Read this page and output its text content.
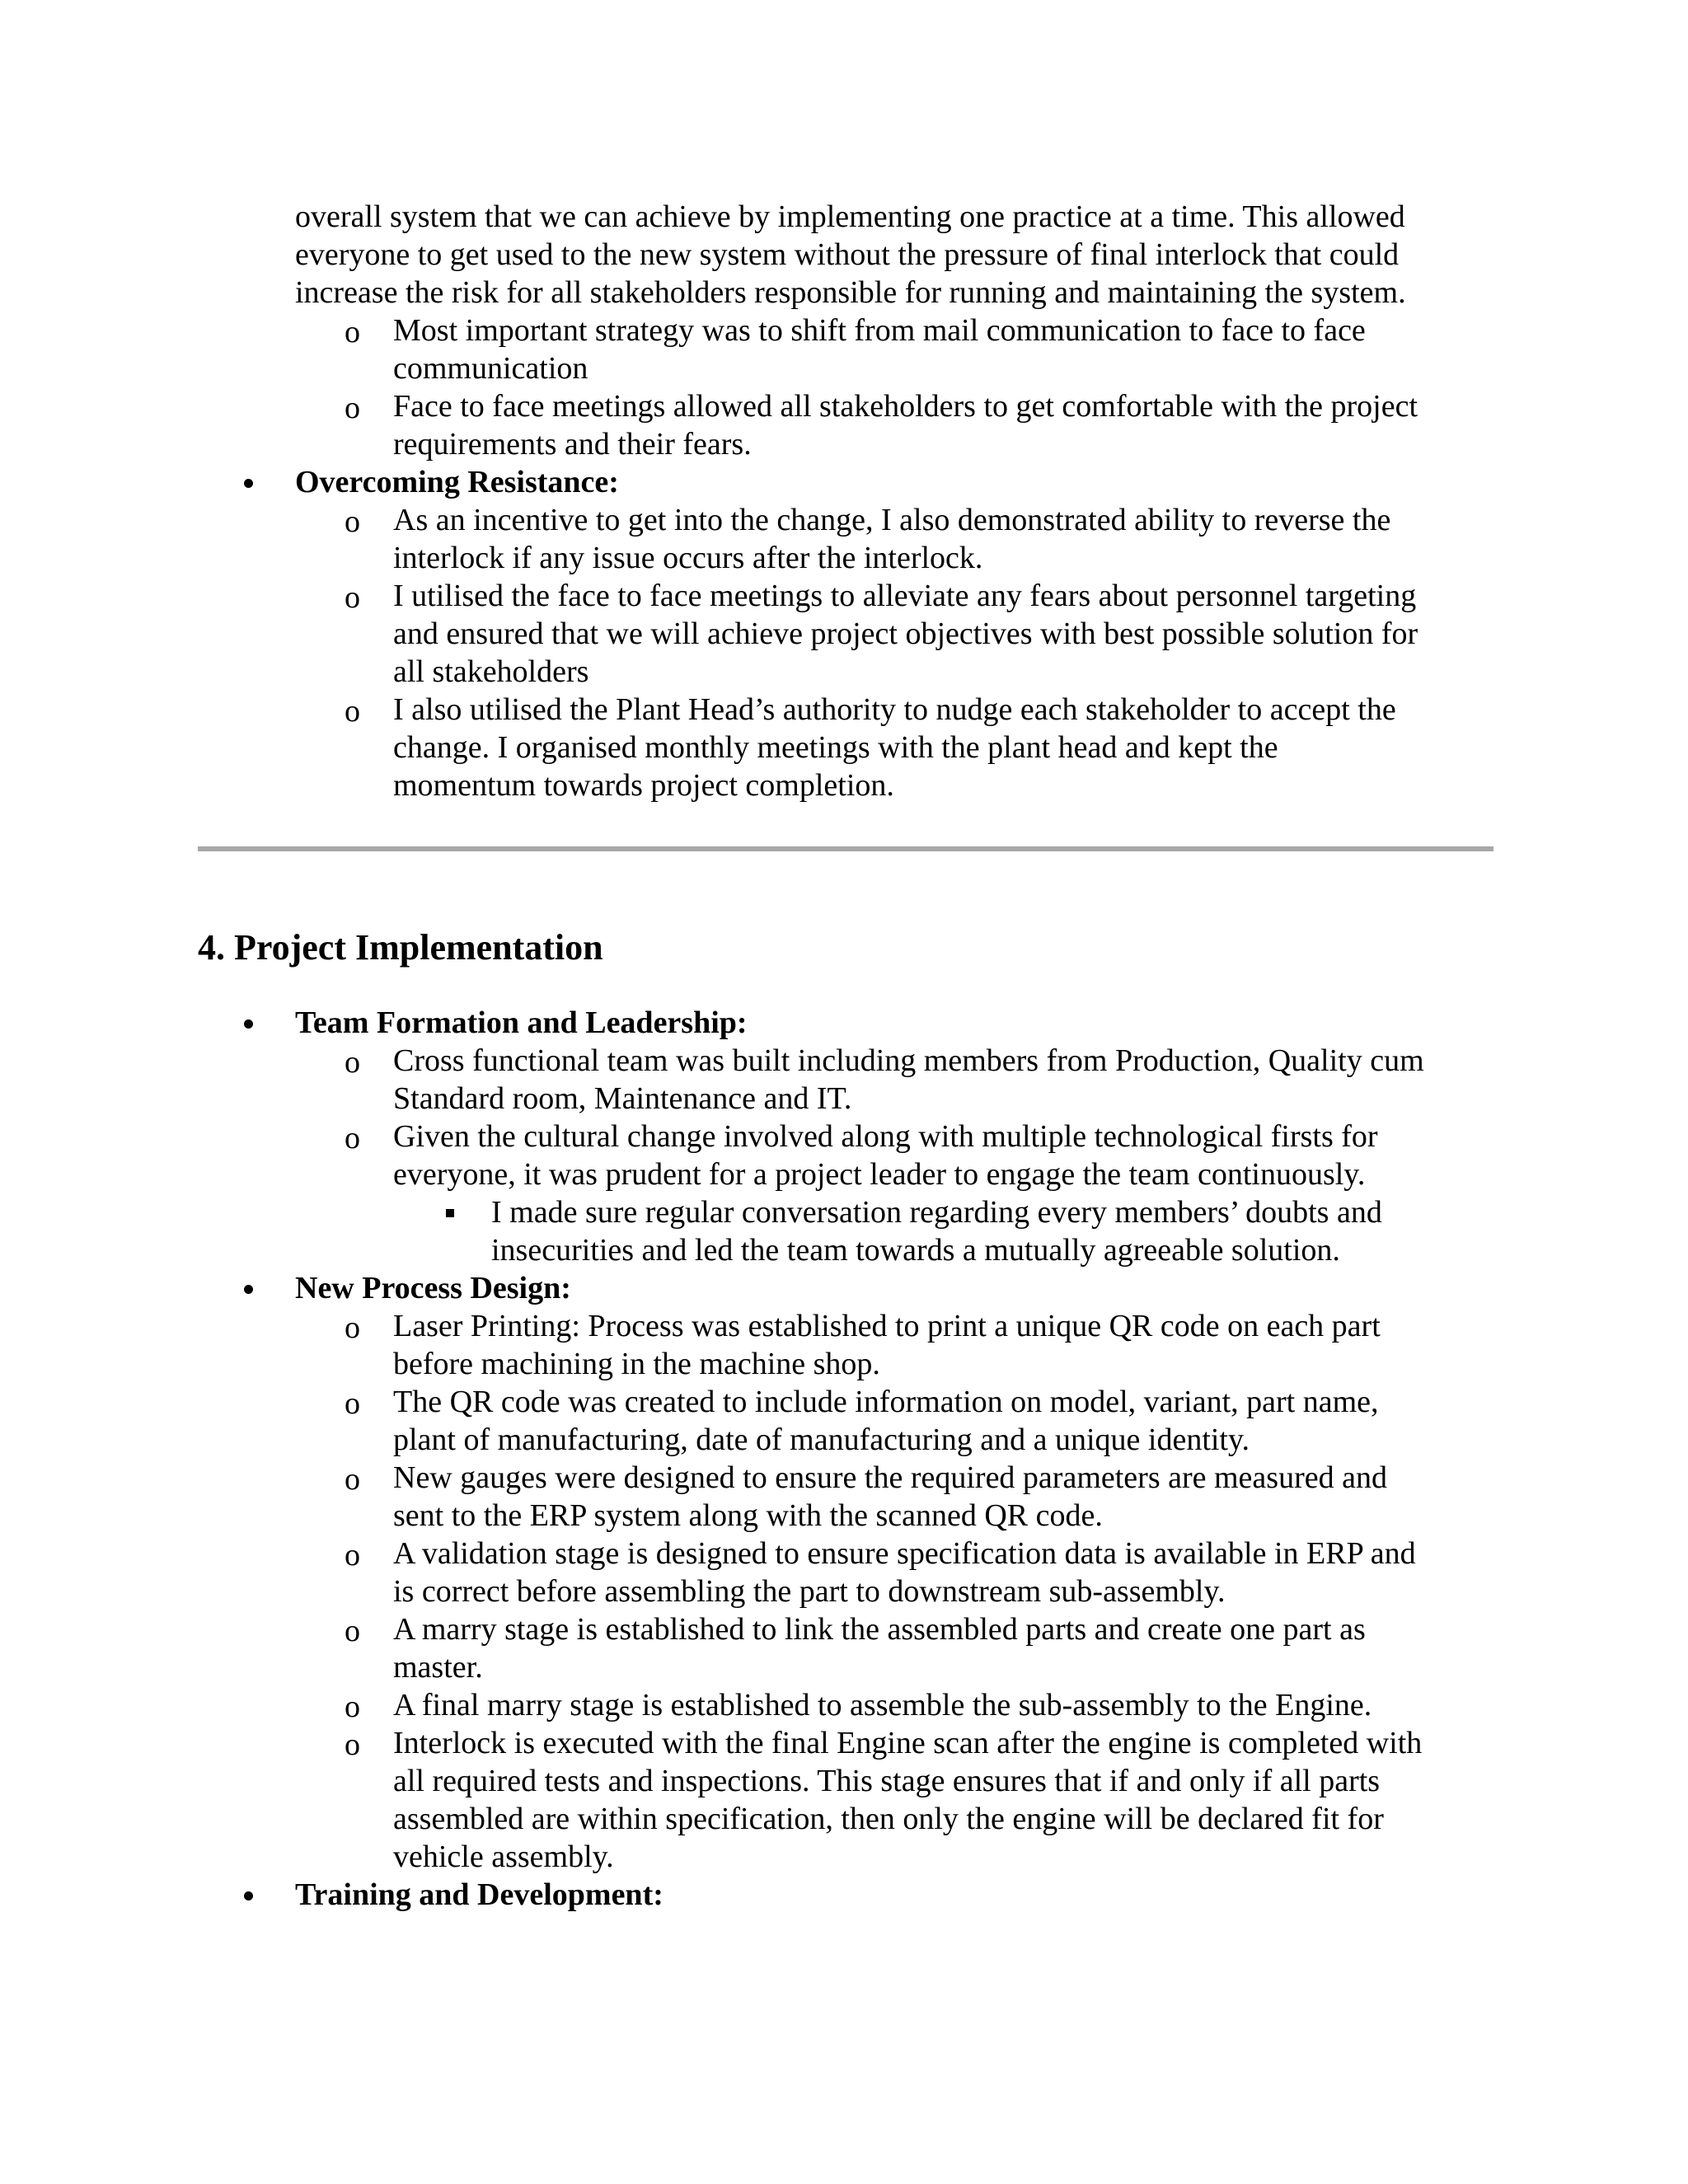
overall system that we can achieve by implementing one practice at a time. This allowed

everyone to get used to the new system without the pressure of final interlock that could

increase the risk for all stakeholders responsible for running and maintaining the system.

o Most important strategy was to shift from mail communication to face to face

communication

o Face to face meetings allowed all stakeholders to get comfortable with the project

requirements and their fears.

Overcoming Resistance:

o As an incentive to get into the change, I also demonstrated ability to reverse the

interlock if any issue occurs after the interlock.

o I utilised the face to face meetings to alleviate any fears about personnel targeting

and ensured that we will achieve project objectives with best possible solution for

all stakeholders

o I also utilised the Plant Head’s authority to nudge each stakeholder to accept the

change. I organised monthly meetings with the plant head and kept the

momentum towards project completion.

4. Project Implementation

Team Formation and Leadership:

o Cross functional team was built including members from Production, Quality cum

Standard room, Maintenance and IT.

o Given the cultural change involved along with multiple technological firsts for

everyone, it was prudent for a project leader to engage the team continuously.

I made sure regular conversation regarding every members’ doubts and

insecurities and led the team towards a mutually agreeable solution.

New Process Design:

o Laser Printing: Process was established to print a unique QR code on each part

before machining in the machine shop.

o The QR code was created to include information on model, variant, part name,

plant of manufacturing, date of manufacturing and a unique identity.

o New gauges were designed to ensure the required parameters are measured and

sent to the ERP system along with the scanned QR code.

o A validation stage is designed to ensure specification data is available in ERP and

is correct before assembling the part to downstream sub-assembly.

o A marry stage is established to link the assembled parts and create one part as

master.

o A final marry stage is established to assemble the sub-assembly to the Engine.

o Interlock is executed with the final Engine scan after the engine is completed with

all required tests and inspections. This stage ensures that if and only if all parts

assembled are within specification, then only the engine will be declared fit for

vehicle assembly.

Training and Development:
